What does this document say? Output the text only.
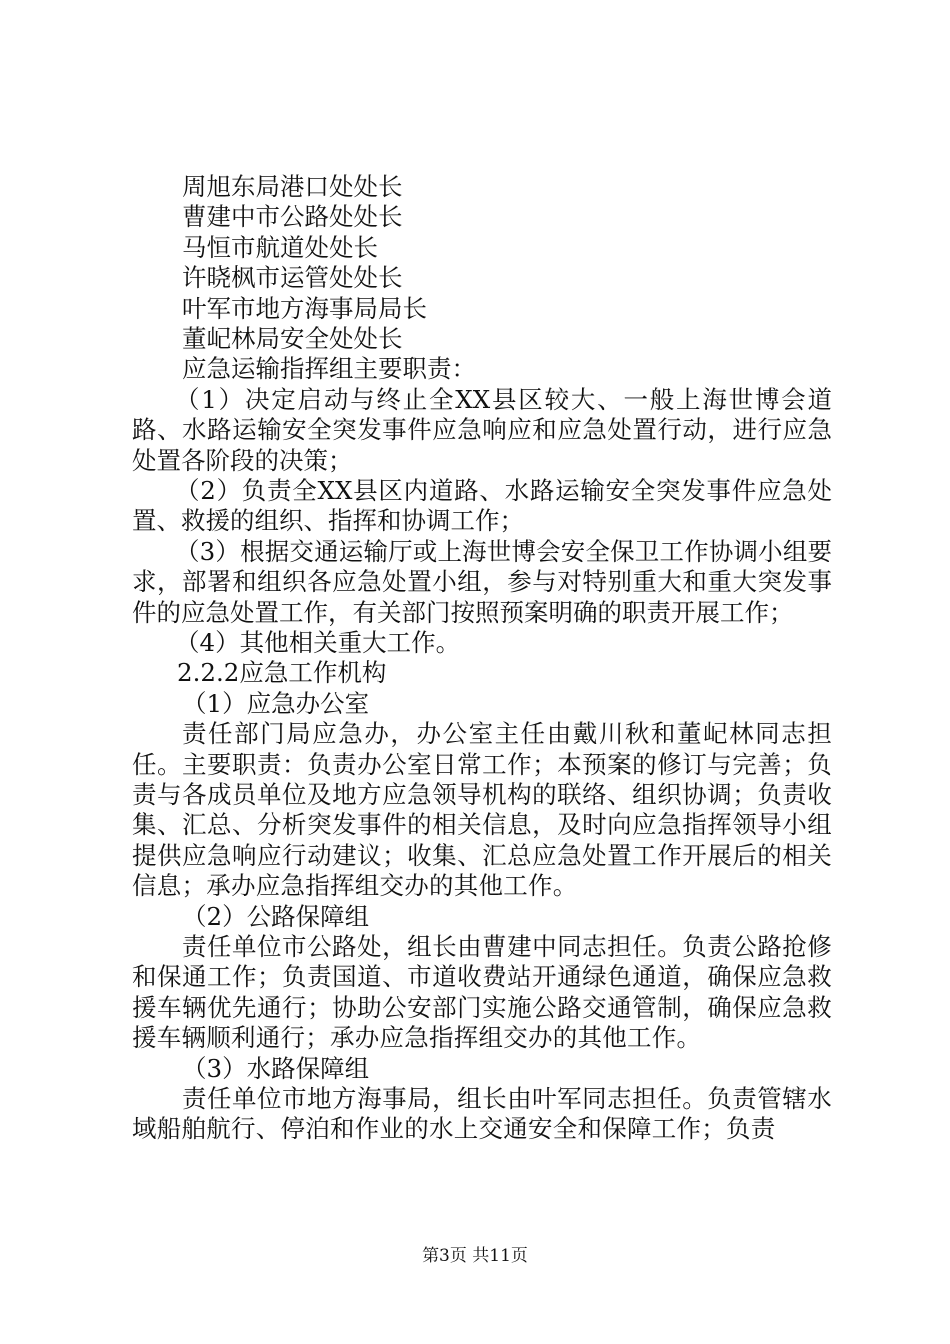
周旭东局港口处处长
曹建中市公路处处长
马恒市航道处处长
许晓枫市运管处处长
叶军市地方海事局局长
董屺林局安全处处长
应急运输指挥组主要职责：
（1）决定启动与终止全XX县区较大、一般上海世博会道路、水路运输安全突发事件应急响应和应急处置行动，进行应急处置各阶段的决策；
（2）负责全XX县区内道路、水路运输安全突发事件应急处置、救援的组织、指挥和协调工作；
（3）根据交通运输厅或上海世博会安全保卫工作协调小组要求，部署和组织各应急处置小组，参与对特别重大和重大突发事件的应急处置工作，有关部门按照预案明确的职责开展工作；
（4）其他相关重大工作。
2.2.2应急工作机构
（1）应急办公室
责任部门局应急办，办公室主任由戴川秋和董屺林同志担任。主要职责：负责办公室日常工作；本预案的修订与完善；负责与各成员单位及地方应急领导机构的联络、组织协调；负责收集、汇总、分析突发事件的相关信息，及时向应急指挥领导小组提供应急响应行动建议；收集、汇总应急处置工作开展后的相关信息；承办应急指挥组交办的其他工作。
（2）公路保障组
责任单位市公路处，组长由曹建中同志担任。负责公路抢修和保通工作；负责国道、市道收费站开通绿色通道，确保应急救援车辆优先通行；协助公安部门实施公路交通管制，确保应急救援车辆顺利通行；承办应急指挥组交办的其他工作。
（3）水路保障组
责任单位市地方海事局，组长由叶军同志担任。负责管辖水域船舶航行、停泊和作业的水上交通安全和保障工作；负责
第3页 共11页
